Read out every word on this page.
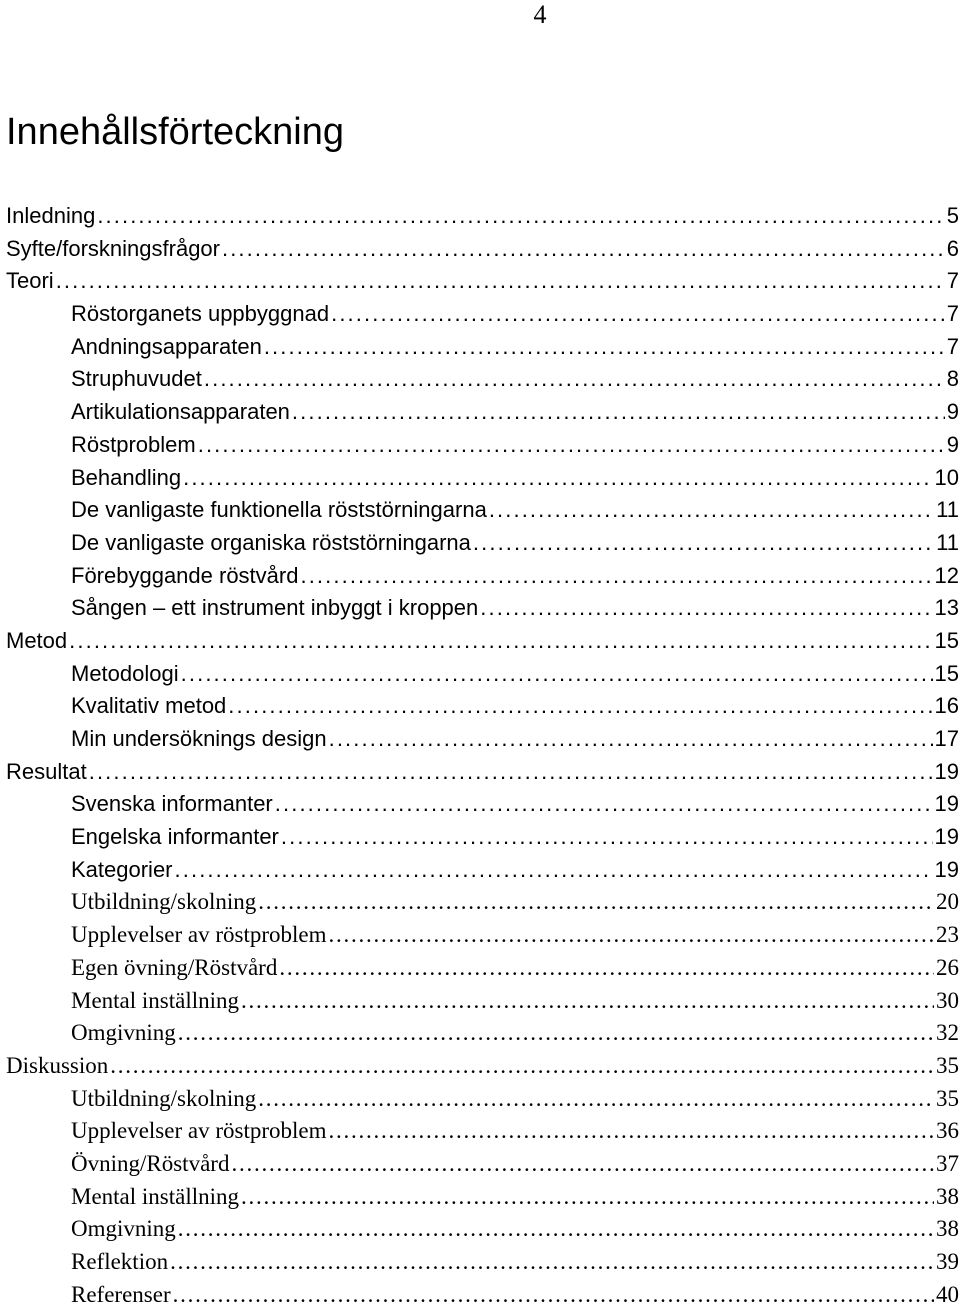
4
Innehållsförteckning
Inledning . . .	5
Syfte/forskningsfrågor . . .	6
Teori . . .	7
Röstorganets uppbyggnad . . .	7
Andningsapparaten . . .	7
Struphuvudet . . .	8
Artikulationsapparaten . . .	9
Röstproblem . . .	9
Behandling . . .	10
De vanligaste funktionella röststörningarna . . .	11
De vanligaste organiska röststörningarna . . .	11
Förebyggande röstvård . . .	12
Sången – ett instrument inbyggt i kroppen . . .	13
Metod . . .	15
Metodologi . . .	15
Kvalitativ metod . . .	16
Min undersöknings design . . .	17
Resultat . . .	19
Svenska informanter . . .	19
Engelska informanter . . .	19
Kategorier . . .	19
Utbildning/skolning . . .	20
Upplevelser av röstproblem . . .	23
Egen övning/Röstvård . . .	26
Mental inställning . . .	30
Omgivning . . .	32
Diskussion . . .	35
Utbildning/skolning . . .	35
Upplevelser av röstproblem . . .	36
Övning/Röstvård . . .	37
Mental inställning . . .	38
Omgivning . . .	38
Reflektion . . .	39
Referenser . . .	40
